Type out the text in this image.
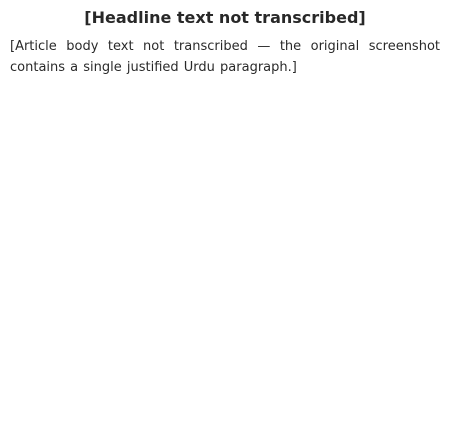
[Headline text not transcribed]

[Article body text not transcribed — the original screenshot contains a single justified Urdu paragraph.]
